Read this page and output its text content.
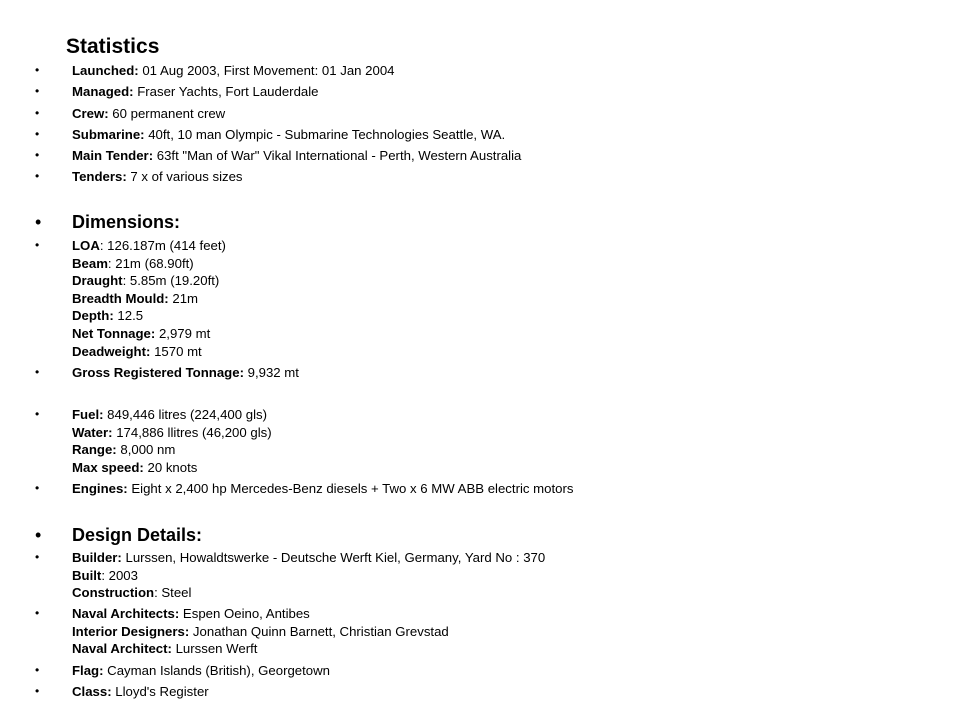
Statistics
• Launched: 01 Aug 2003, First Movement: 01 Jan 2004
• Managed: Fraser Yachts, Fort Lauderdale
• Crew: 60 permanent crew
• Submarine: 40ft, 10 man Olympic - Submarine Technologies Seattle, WA.
• Main Tender: 63ft "Man of War" Vikal International - Perth, Western Australia
• Tenders: 7 x of various sizes
• Dimensions:
• LOA: 126.187m (414 feet)
Beam: 21m (68.90ft)
Draught: 5.85m (19.20ft)
Breadth Mould: 21m
Depth: 12.5
Net Tonnage: 2,979 mt
Deadweight: 1570 mt
• Gross Registered Tonnage: 9,932 mt
• Fuel: 849,446 litres (224,400 gls)
Water: 174,886 llitres (46,200 gls)
Range: 8,000 nm
Max speed: 20 knots
• Engines: Eight x 2,400 hp Mercedes-Benz diesels + Two x 6 MW ABB electric motors
• Design Details:
• Builder: Lurssen, Howaldtswerke - Deutsche Werft Kiel, Germany, Yard No : 370
Built: 2003
Construction: Steel
• Naval Architects: Espen Oeino, Antibes
Interior Designers: Jonathan Quinn Barnett, Christian Grevstad
Naval Architect: Lurssen Werft
• Flag: Cayman Islands (British), Georgetown
• Class: Lloyd's Register
